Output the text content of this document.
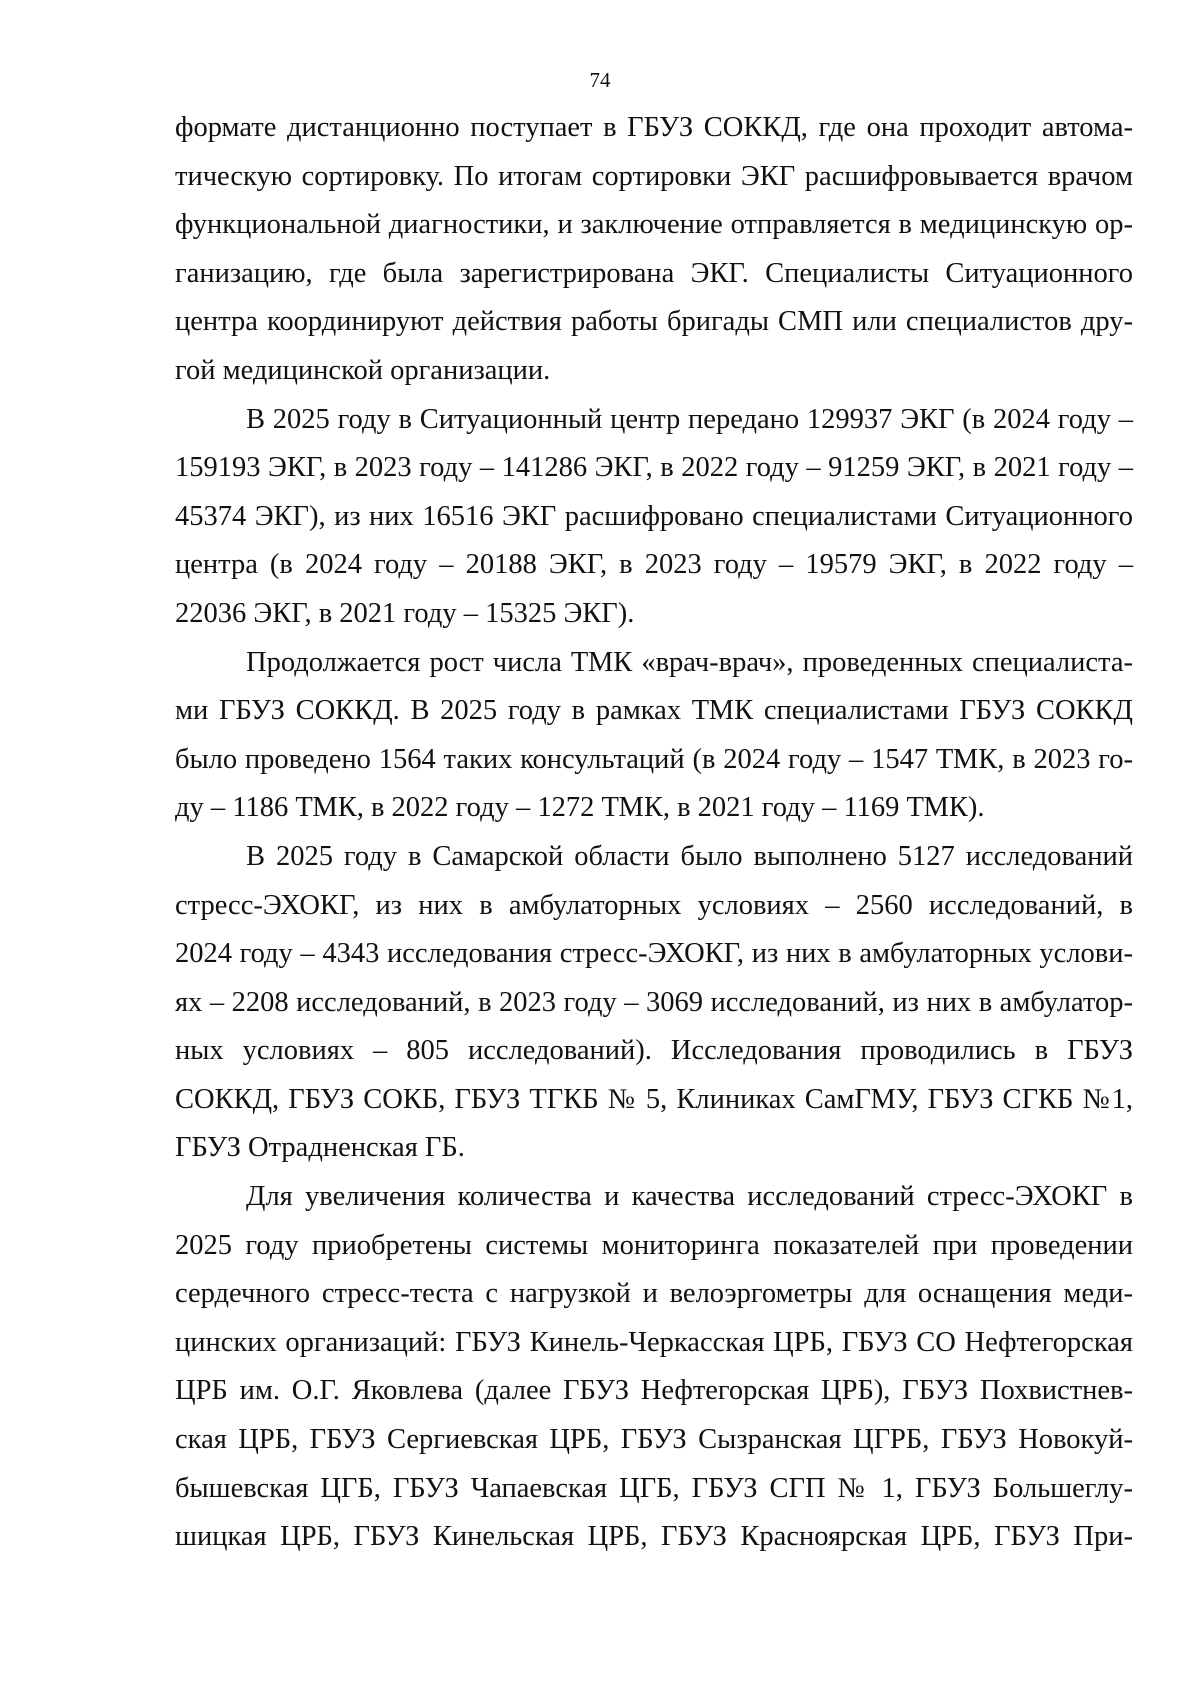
74
формате дистанционно поступает в ГБУЗ СОККД, где она проходит автома-
тическую сортировку. По итогам сортировки ЭКГ расшифровывается врачом
функциональной диагностики, и заключение отправляется в медицинскую ор-
ганизацию, где была зарегистрирована ЭКГ. Специалисты Ситуационного
центра координируют действия работы бригады СМП или специалистов дру-
гой медицинской организации.
В 2025 году в Ситуационный центр передано 129937 ЭКГ (в 2024 году –
159193 ЭКГ, в 2023 году – 141286 ЭКГ, в 2022 году – 91259 ЭКГ, в 2021 году –
45374 ЭКГ), из них 16516 ЭКГ расшифровано специалистами Ситуационного
центра (в 2024 году – 20188 ЭКГ, в 2023 году – 19579 ЭКГ, в 2022 году –
22036 ЭКГ, в 2021 году – 15325 ЭКГ).
Продолжается рост числа ТМК «врач-врач», проведенных специалиста-
ми ГБУЗ СОККД. В 2025 году в рамках ТМК специалистами ГБУЗ СОККД
было проведено 1564 таких консультаций (в 2024 году – 1547 ТМК, в 2023 го-
ду – 1186 ТМК, в 2022 году – 1272 ТМК, в 2021 году – 1169 ТМК).
В 2025 году в Самарской области было выполнено 5127 исследований
стресс-ЭХОКГ, из них в амбулаторных условиях – 2560 исследований, в
2024 году – 4343 исследования стресс-ЭХОКГ, из них в амбулаторных услови-
ях – 2208 исследований, в 2023 году – 3069 исследований, из них в амбулатор-
ных условиях – 805 исследований). Исследования проводились в ГБУЗ
СОККД, ГБУЗ СОКБ, ГБУЗ ТГКБ № 5, Клиниках СамГМУ, ГБУЗ СГКБ №1,
ГБУЗ Отрадненская ГБ.
Для увеличения количества и качества исследований стресс-ЭХОКГ в
2025 году приобретены системы мониторинга показателей при проведении
сердечного стресс-теста с нагрузкой и велоэргометры для оснащения меди-
цинских организаций: ГБУЗ Кинель-Черкасская ЦРБ, ГБУЗ СО Нефтегорская
ЦРБ им. О.Г. Яковлева (далее ГБУЗ Нефтегорская ЦРБ), ГБУЗ Похвистнев-
ская ЦРБ, ГБУЗ Сергиевская ЦРБ, ГБУЗ Сызранская ЦГРБ, ГБУЗ Новокуй-
бышевская ЦГБ, ГБУЗ Чапаевская ЦГБ, ГБУЗ СГП № 1, ГБУЗ Большеглу-
шицкая ЦРБ, ГБУЗ Кинельская ЦРБ, ГБУЗ Красноярская ЦРБ, ГБУЗ При-
